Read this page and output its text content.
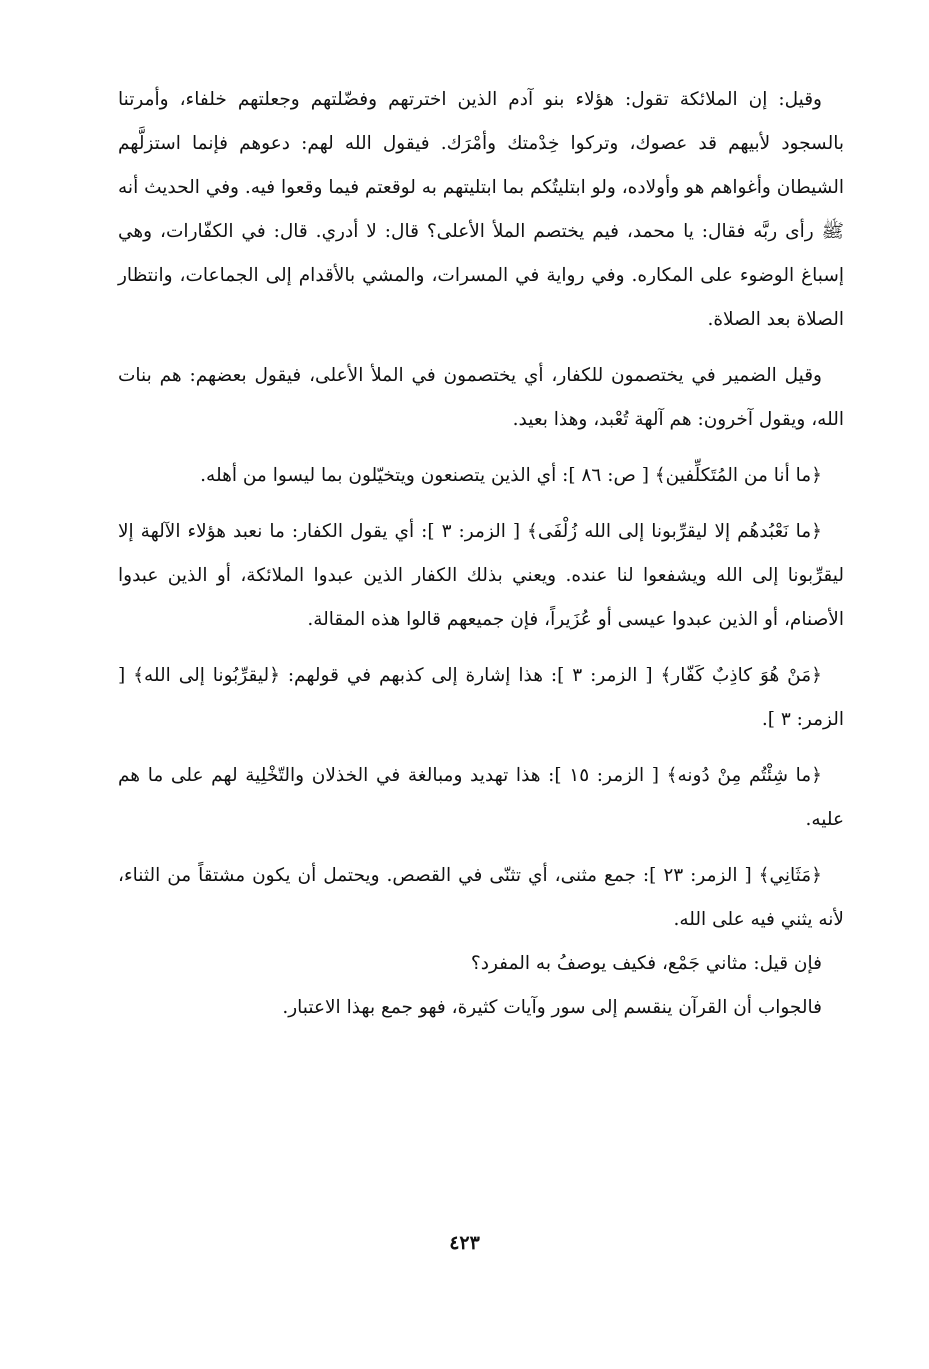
وقيل: إن الملائكة تقول: هؤلاء بنو آدم الذين اخترتهم وفضّلتهم وجعلتهم خلفاء، وأمرتنا بالسجود لأبيهم قد عصوك، وتركوا خِدْمتك وأمْرَك. فيقول الله لهم: دعوهم فإنما استزلَّهم الشيطان وأغواهم هو وأولاده، ولو ابتليتُكم بما ابتليتهم به لوقعتم فيما وقعوا فيه. وفي الحديث أنه ﷺ رأى ربَّه فقال: يا محمد، فيم يختصم الملأ الأعلى؟ قال: لا أدري. قال: في الكفّارات، وهي إسباغ الوضوء على المكاره. وفي رواية في المسرات، والمشي بالأقدام إلى الجماعات، وانتظار الصلاة بعد الصلاة.

وقيل الضمير في يختصمون للكفار، أي يختصمون في الملأ الأعلى، فيقول بعضهم: هم بنات الله، ويقول آخرون: هم آلهة تُعْبد، وهذا بعيد.

﴿ما أنا من المُتَكلِّفين﴾ [ ص: ٨٦ ]: أي الذين يتصنعون ويتخيّلون بما ليسوا من أهله.

﴿ما نَعْبُدهُم إلا ليقرِّبونا إلى الله زُلْفَى﴾ [ الزمر: ٣ ]: أي يقول الكفار: ما نعبد هؤلاء الآلهة إلا ليقرِّبونا إلى الله ويشفعوا لنا عنده. ويعني بذلك الكفار الذين عبدوا الملائكة، أو الذين عبدوا الأصنام، أو الذين عبدوا عيسى أو عُزَيراً، فإن جميعهم قالوا هذه المقالة.

﴿مَنْ هُوَ كاذِبٌ كَفّار﴾ [ الزمر: ٣ ]: هذا إشارة إلى كذبهم في قولهم: ﴿ليقرِّبُونا إلى الله﴾ [ الزمر: ٣ ].

﴿ما شِئْتُم مِنْ دُونه﴾ [ الزمر: ١٥ ]: هذا تهديد ومبالغة في الخذلان والتّخْلِية لهم على ما هم عليه.

﴿مَثَانِي﴾ [ الزمر: ٢٣ ]: جمع مثنى، أي تثنّى في القصص. ويحتمل أن يكون مشتقاً من الثناء، لأنه يثني فيه على الله.

فإن قيل: مثاني جَمْع، فكيف يوصفُ به المفرد؟

فالجواب أن القرآن ينقسم إلى سور وآيات كثيرة، فهو جمع بهذا الاعتبار.

٤٢٣
